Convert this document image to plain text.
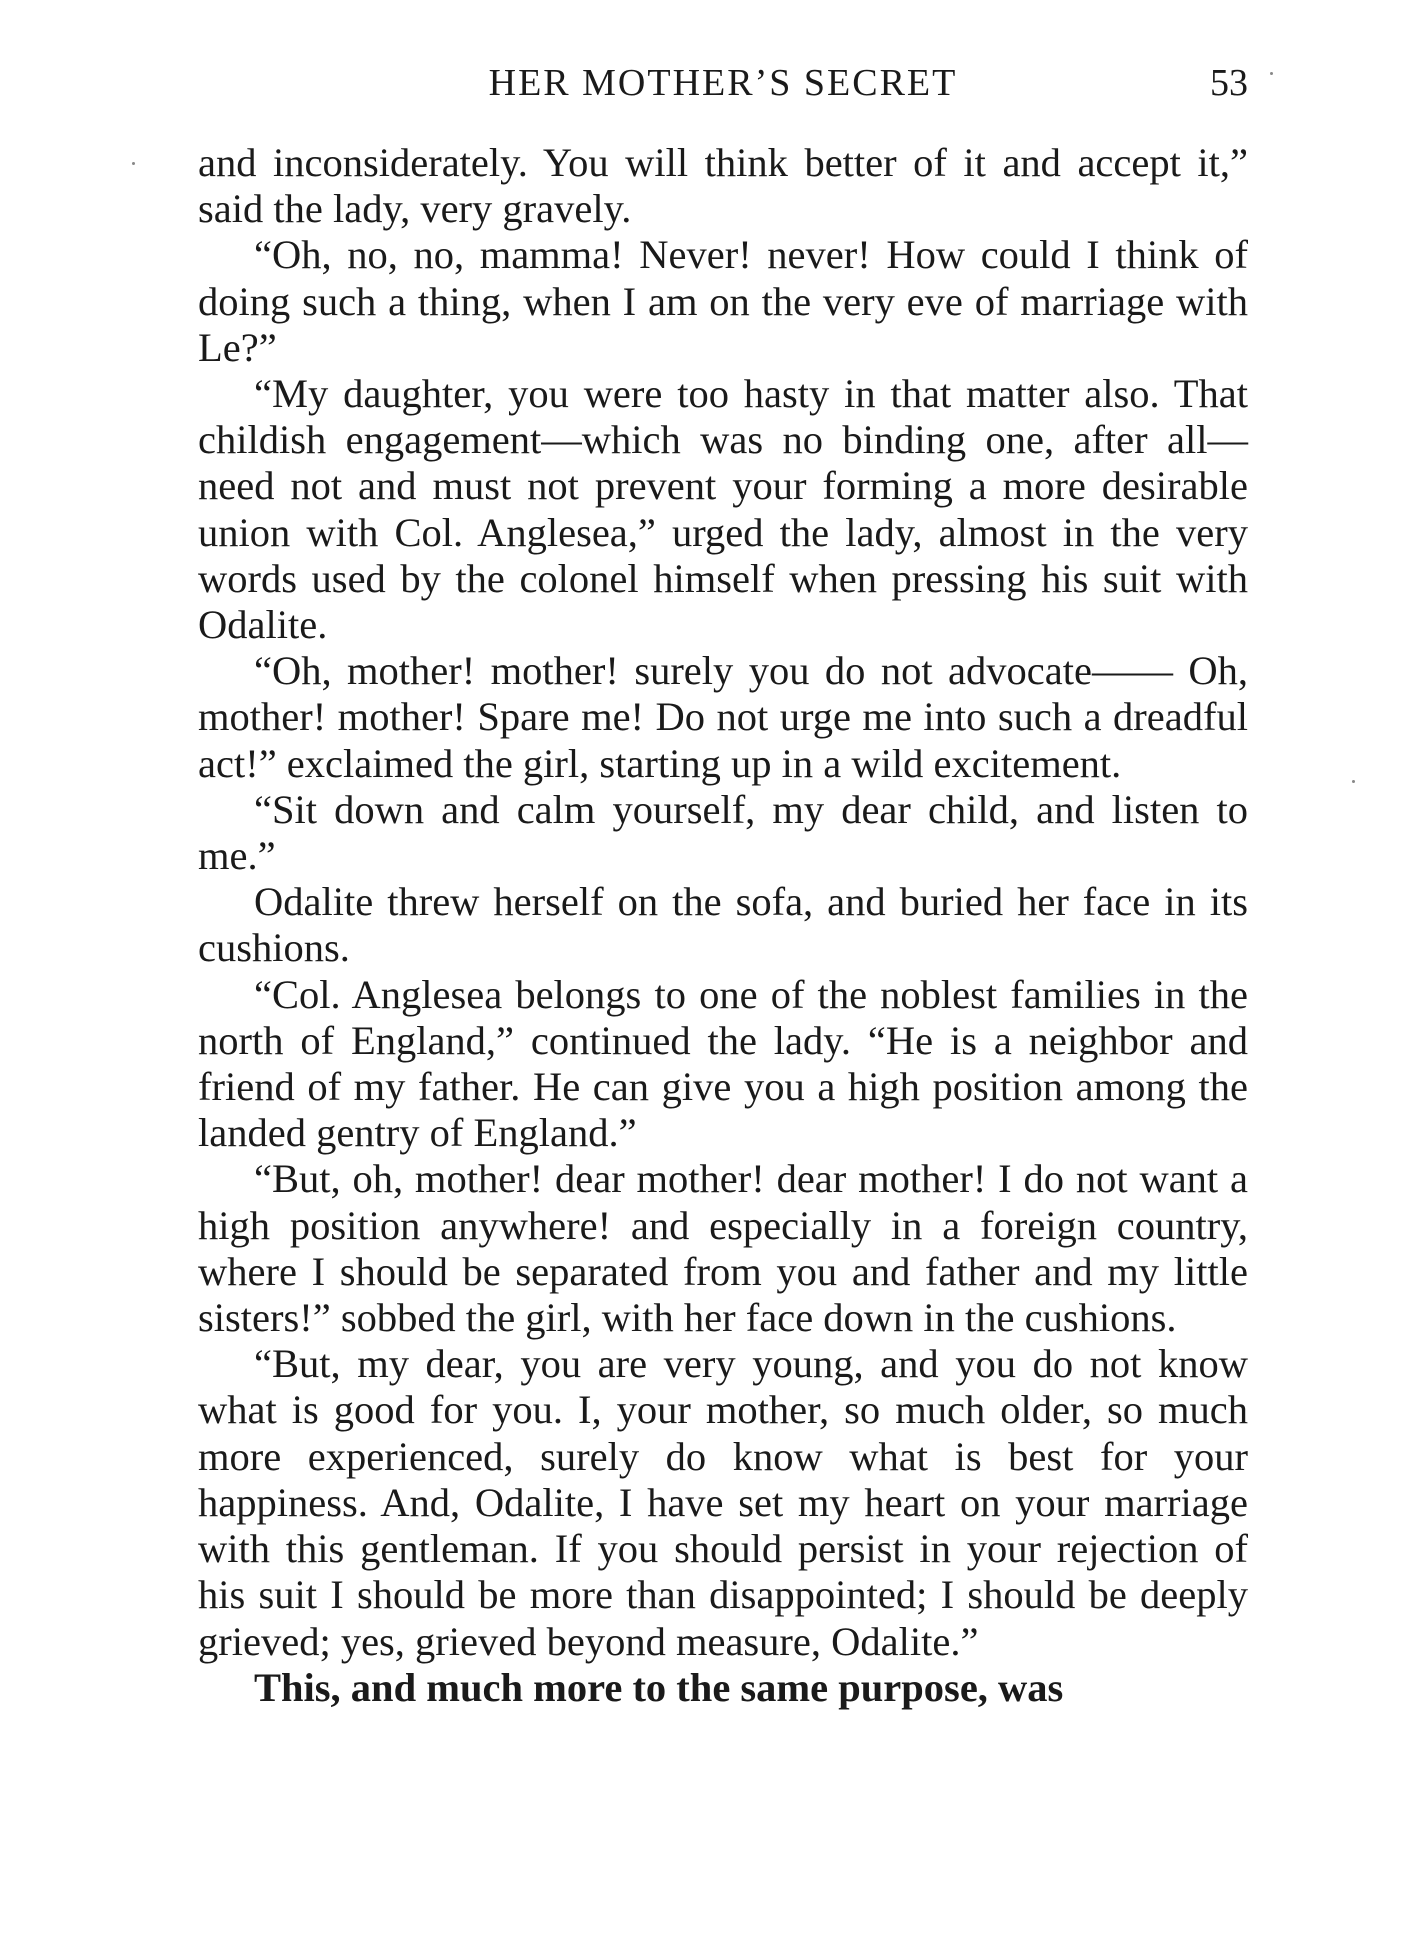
HER MOTHER’S SECRET	53

and inconsiderately. You will think better of it and accept it,” said the lady, very gravely.

“Oh, no, no, mamma! Never! never! How could I think of doing such a thing, when I am on the very eve of marriage with Le?”

“My daughter, you were too hasty in that matter also. That childish engagement—which was no binding one, after all—need not and must not prevent your forming a more desirable union with Col. Anglesea,” urged the lady, almost in the very words used by the colonel himself when pressing his suit with Odalite.

“Oh, mother! mother! surely you do not advocate—— Oh, mother! mother! Spare me! Do not urge me into such a dreadful act!” exclaimed the girl, starting up in a wild excitement.

“Sit down and calm yourself, my dear child, and listen to me.”

Odalite threw herself on the sofa, and buried her face in its cushions.

“Col. Anglesea belongs to one of the noblest families in the north of England,” continued the lady. “He is a neighbor and friend of my father. He can give you a high position among the landed gentry of England.”

“But, oh, mother! dear mother! dear mother! I do not want a high position anywhere! and especially in a foreign country, where I should be separated from you and father and my little sisters!” sobbed the girl, with her face down in the cushions.

“But, my dear, you are very young, and you do not know what is good for you. I, your mother, so much older, so much more experienced, surely do know what is best for your happiness. And, Odalite, I have set my heart on your marriage with this gentleman. If you should persist in your rejection of his suit I should be more than disappointed; I should be deeply grieved; yes, grieved beyond measure, Odalite.”

This, and much more to the same purpose, was
